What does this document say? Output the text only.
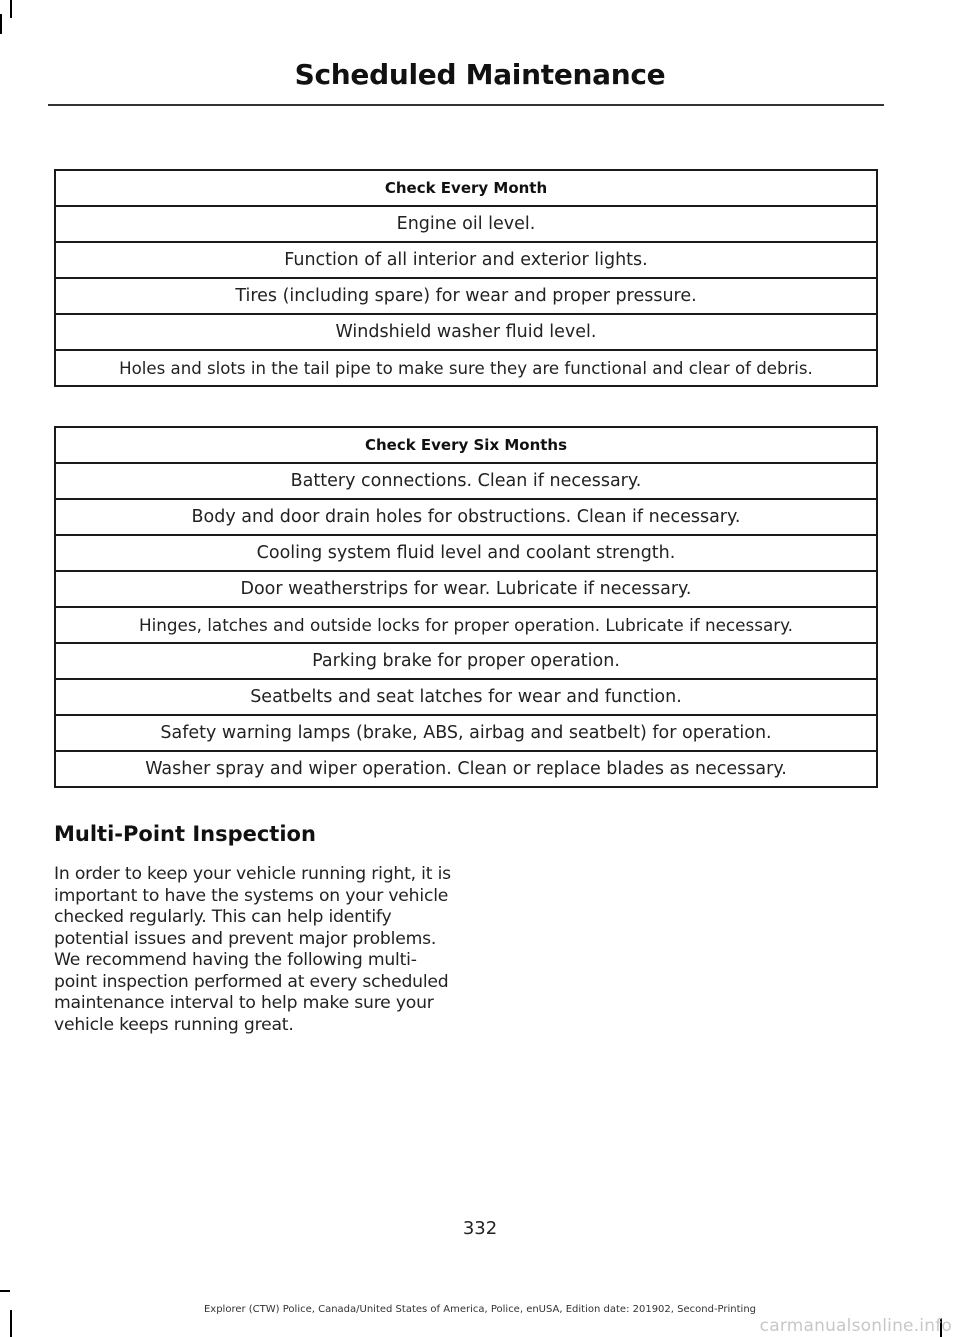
Scheduled Maintenance
Check Every Month
Engine oil level.
Function of all interior and exterior lights.
Tires (including spare) for wear and proper pressure.
Windshield washer fluid level.
Holes and slots in the tail pipe to make sure they are functional and clear of debris.
Check Every Six Months
Battery connections. Clean if necessary.
Body and door drain holes for obstructions. Clean if necessary.
Cooling system fluid level and coolant strength.
Door weatherstrips for wear. Lubricate if necessary.
Hinges, latches and outside locks for proper operation. Lubricate if necessary.
Parking brake for proper operation.
Seatbelts and seat latches for wear and function.
Safety warning lamps (brake, ABS, airbag and seatbelt) for operation.
Washer spray and wiper operation. Clean or replace blades as necessary.
Multi-Point Inspection

In order to keep your vehicle running right, it is important to have the systems on your vehicle checked regularly. This can help identify potential issues and prevent major problems. We recommend having the following multi-point inspection performed at every scheduled maintenance interval to help make sure your vehicle keeps running great.

332
Explorer (CTW) Police, Canada/United States of America, Police, enUSA, Edition date: 201902, Second-Printing
carmanualsonline.info
